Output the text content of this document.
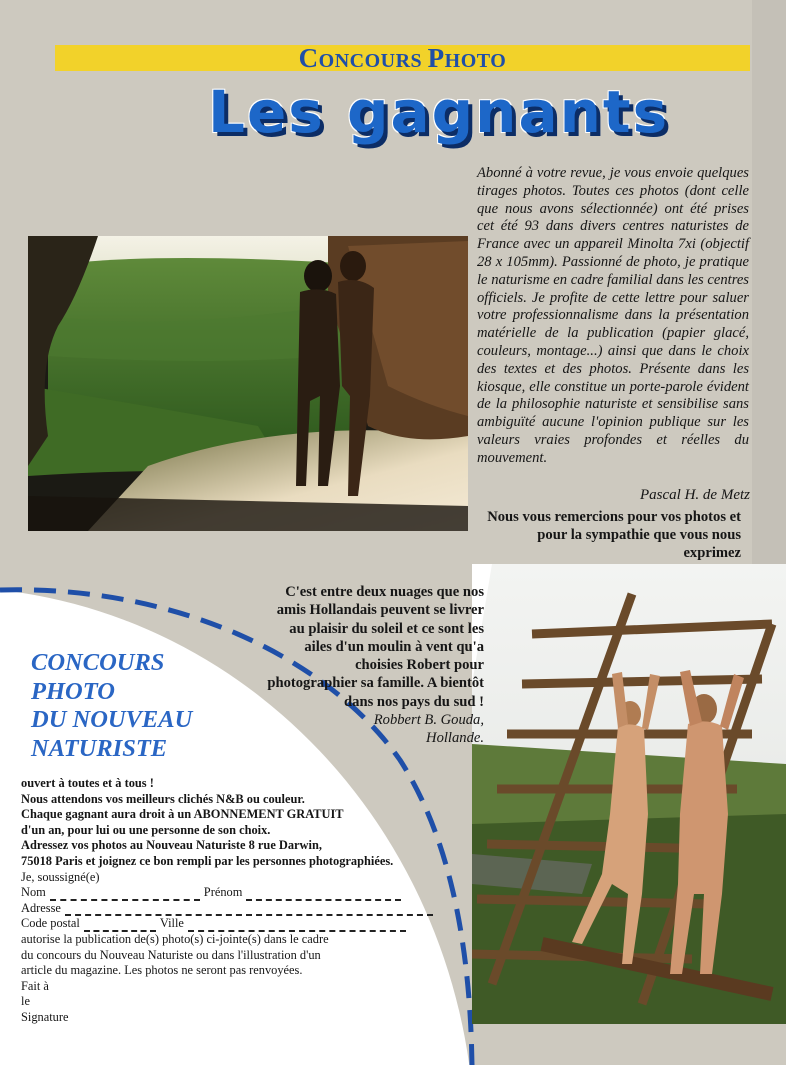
CONCOURS PHOTO
Les gagnants
Abonné à votre revue, je vous envoie quelques tirages photos. Toutes ces photos (dont celle que nous avons sélectionnée) ont été prises cet été 93 dans divers centres naturistes de France avec un appareil Minolta 7xi (objectif 28 x 105mm). Passionné de photo, je pratique le naturisme en cadre familial dans les centres officiels. Je profite de cette lettre pour saluer votre professionnalisme dans la présentation matérielle de la publication (papier glacé, couleurs, montage...) ainsi que dans le choix des textes et des photos. Présente dans les kiosque, elle constitue un porte-parole évident de la philosophie naturiste et sensibilise sans ambiguïté aucune l'opinion publique sur les valeurs vraies profondes et réelles du mouvement.
Pascal H. de Metz
Nous vous remercions pour vos photos et pour la sympathie que vous nous exprimez
C'est entre deux nuages que nos amis Hollandais peuvent se livrer au plaisir du soleil et ce sont les ailes d'un moulin à vent qu'a choisies Robert pour photographier sa famille. A bientôt dans nos pays du sud !
Robbert B. Gouda,
Hollande.
CONCOURS
PHOTO
DU NOUVEAU
NATURISTE
ouvert à toutes et à tous !
Nous attendons vos meilleurs clichés N&B ou couleur.
Chaque gagnant aura droit à un ABONNEMENT GRATUIT
d'un an, pour lui ou une personne de son choix.
Adressez vos photos au Nouveau Naturiste 8 rue Darwin,
75018 Paris et joignez ce bon rempli par les personnes photographiées.
Je, soussigné(e)
Nom	Prénom
Adresse
Code postal	Ville
autorise la publication de(s) photo(s) ci-jointe(s) dans le cadre
du concours du Nouveau Naturiste ou dans l'illustration d'un
article du magazine. Les photos ne seront pas renvoyées.
Fait à
le
Signature
